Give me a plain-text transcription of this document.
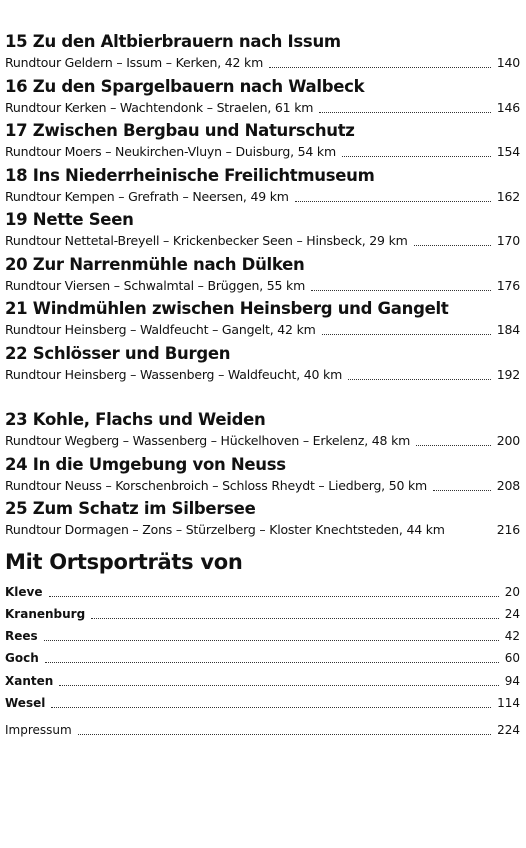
15 Zu den Altbierbrauern nach Issum
Rundtour Geldern – Issum – Kerken, 42 km	140
16 Zu den Spargelbauern nach Walbeck
Rundtour Kerken – Wachtendonk – Straelen, 61 km	146
17 Zwischen Bergbau und Naturschutz
Rundtour Moers – Neukirchen-Vluyn – Duisburg, 54 km	154
18 Ins Niederrheinische Freilichtmuseum
Rundtour Kempen – Grefrath – Neersen, 49 km	162
19 Nette Seen
Rundtour Nettetal-Breyell – Krickenbecker Seen – Hinsbeck, 29 km	170
20 Zur Narrenmühle nach Dülken
Rundtour Viersen – Schwalmtal – Brüggen, 55 km	176
21 Windmühlen zwischen Heinsberg und Gangelt
Rundtour Heinsberg – Waldfeucht – Gangelt, 42 km	184
22 Schlösser und Burgen
Rundtour Heinsberg – Wassenberg – Waldfeucht, 40 km	192
23 Kohle, Flachs und Weiden
Rundtour Wegberg – Wassenberg – Hückelhoven – Erkelenz, 48 km	200
24 In die Umgebung von Neuss
Rundtour Neuss – Korschenbroich – Schloss Rheydt – Liedberg, 50 km	208
25 Zum Schatz im Silbersee
Rundtour Dormagen – Zons – Stürzelberg – Kloster Knechtsteden, 44 km	216
Mit Ortsporträts von
Kleve	20
Kranenburg	24
Rees	42
Goch	60
Xanten	94
Wesel	114
Impressum	224
